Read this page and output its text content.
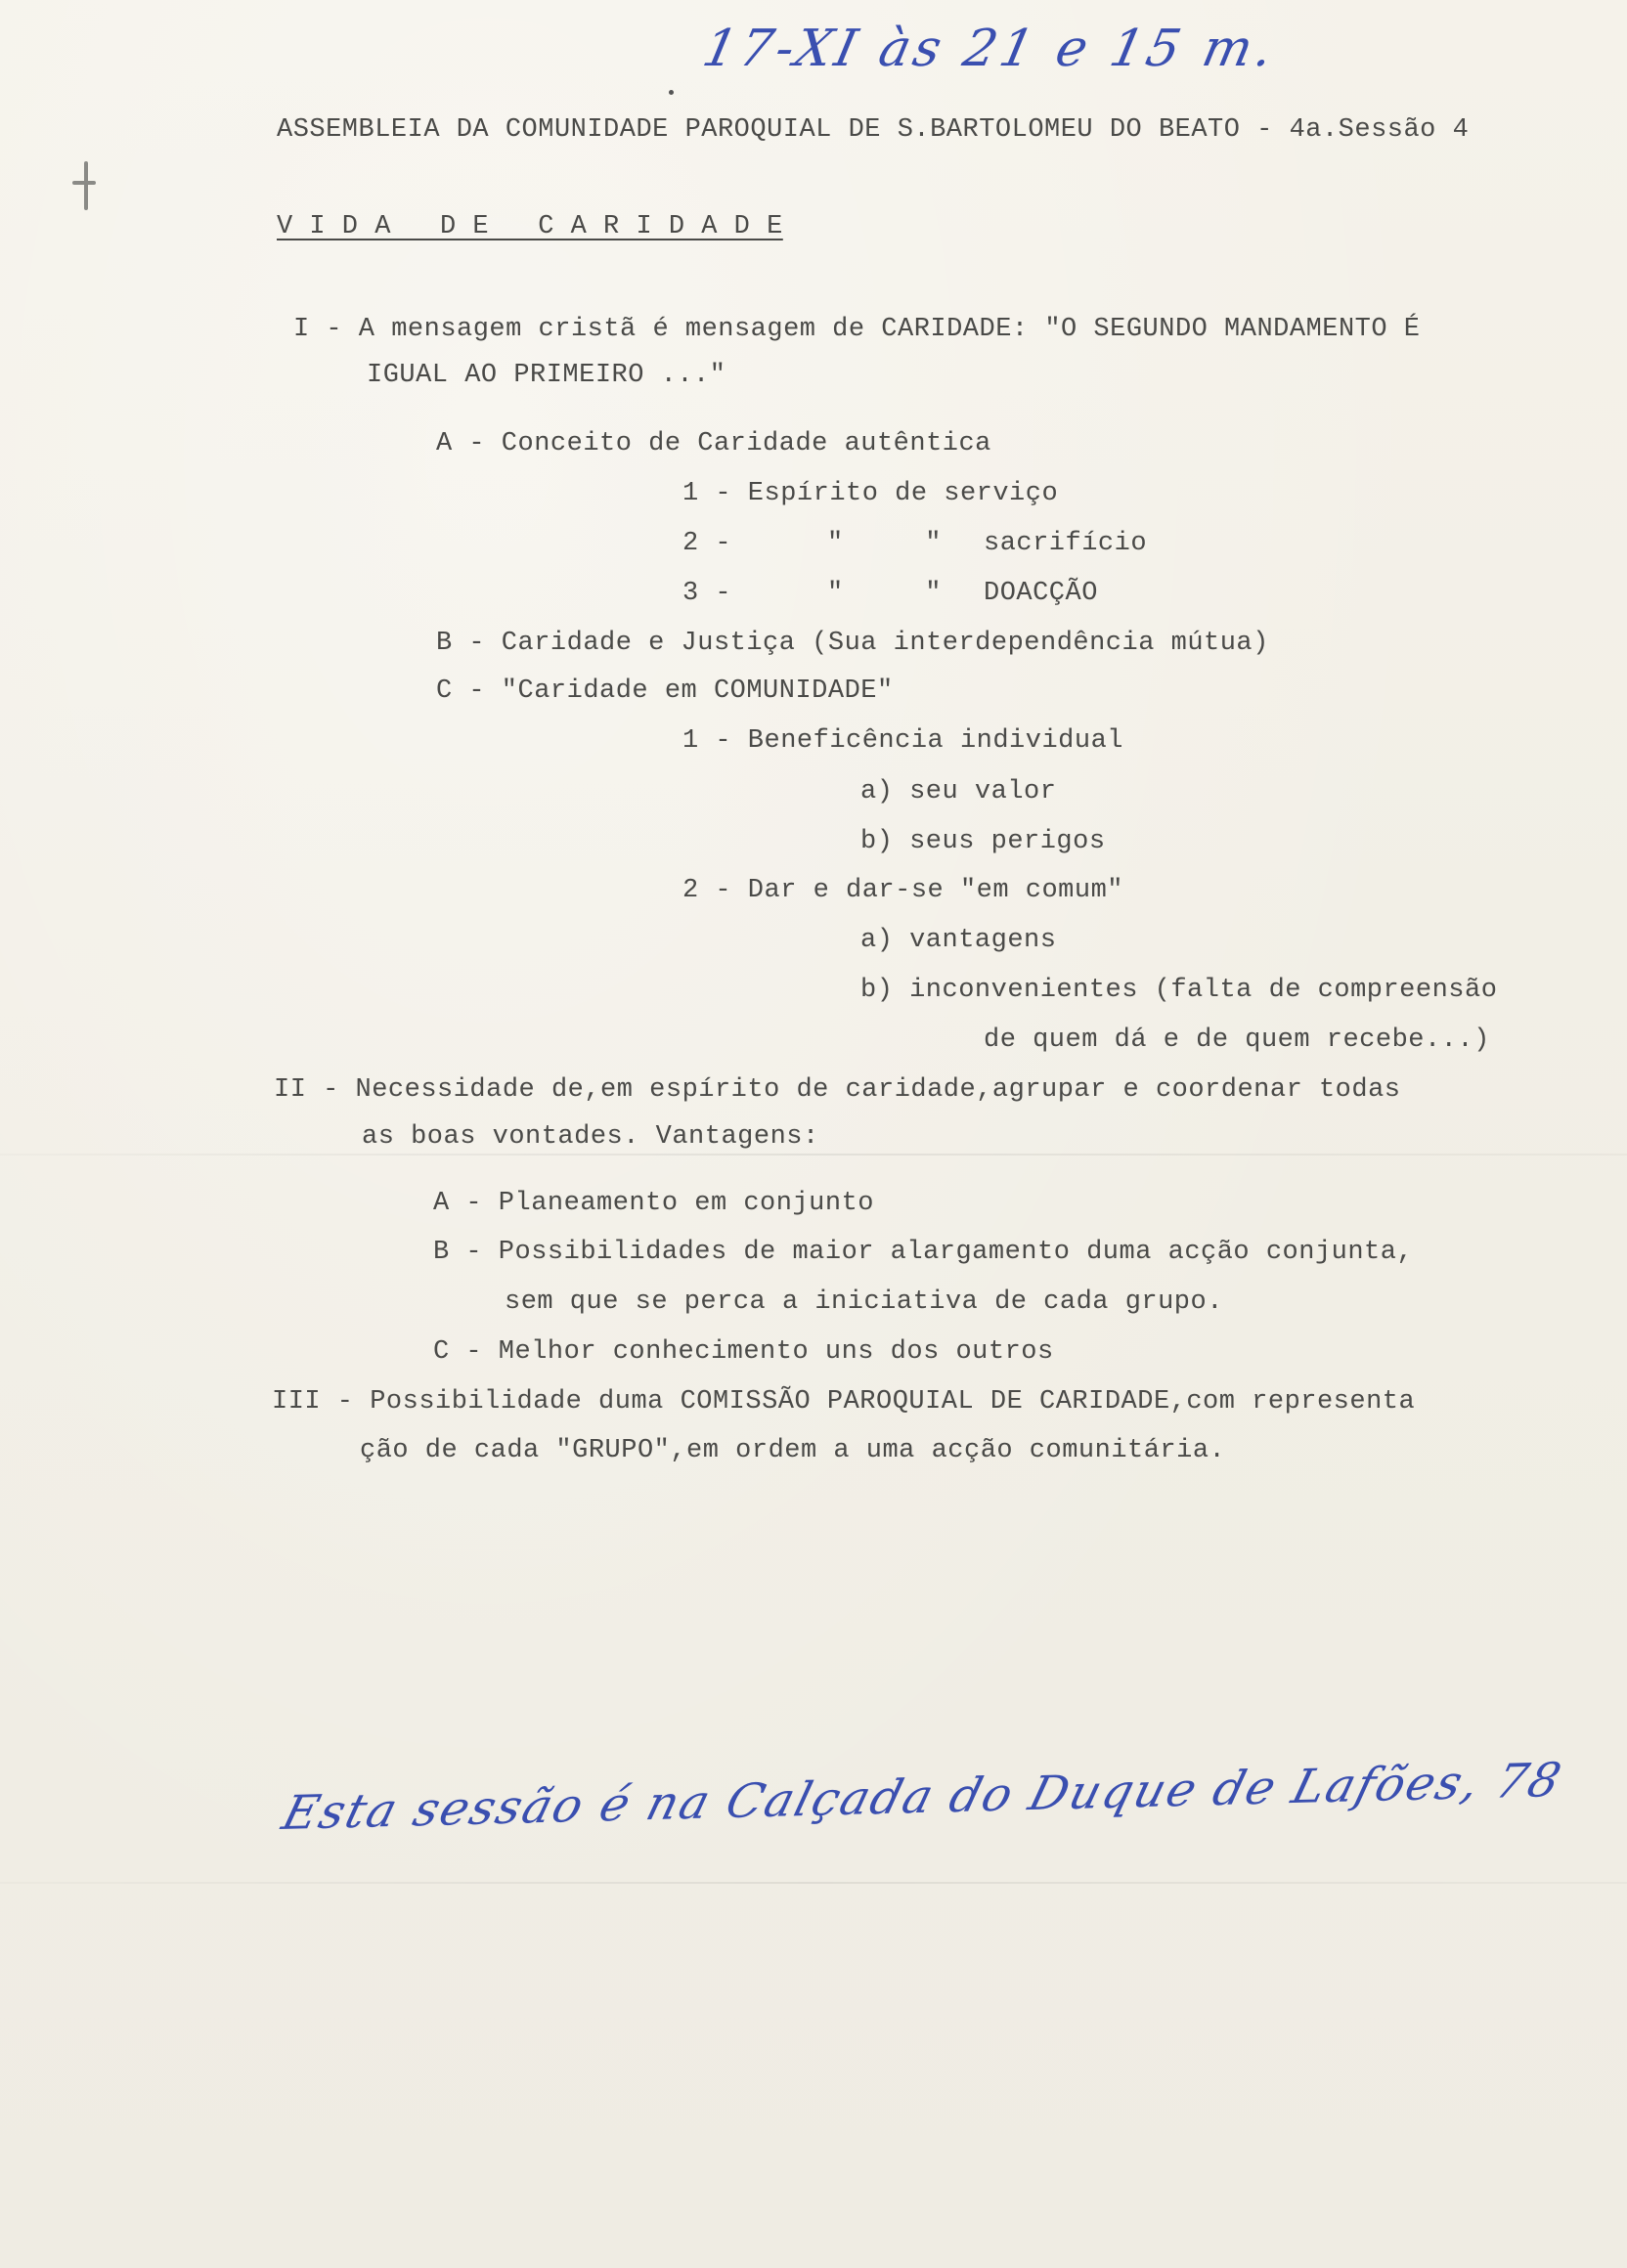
17-XI às 21 e 15 m.
ASSEMBLEIA DA COMUNIDADE PAROQUIAL DE S.BARTOLOMEU DO BEATO - 4a.Sessão 4
V I D A   D E   C A R I D A D E
I - A mensagem cristã é mensagem de CARIDADE: "O SEGUNDO MANDAMENTO É
IGUAL AO PRIMEIRO ..."
A - Conceito de Caridade autêntica
1 - Espírito de serviço
2 -	"     " sacrifício
3 -	"     " DOACÇÃO
B - Caridade e Justiça (Sua interdependência mútua)
C - "Caridade em COMUNIDADE"
1 - Beneficência individual
a) seu valor
b) seus perigos
2 - Dar e dar-se "em comum"
a) vantagens
b) inconvenientes (falta de compreensão
de quem dá e de quem recebe...)
II - Necessidade de,em espírito de caridade,agrupar e coordenar todas
as boas vontades. Vantagens:
A - Planeamento em conjunto
B - Possibilidades de maior alargamento duma acção conjunta,
sem que se perca a iniciativa de cada grupo.
C - Melhor conhecimento uns dos outros
III - Possibilidade duma COMISSÃO PAROQUIAL DE CARIDADE,com representa
ção de cada "GRUPO",em ordem a uma acção comunitária.
Esta sessão é na Calçada do Duque de Lafões, 78
